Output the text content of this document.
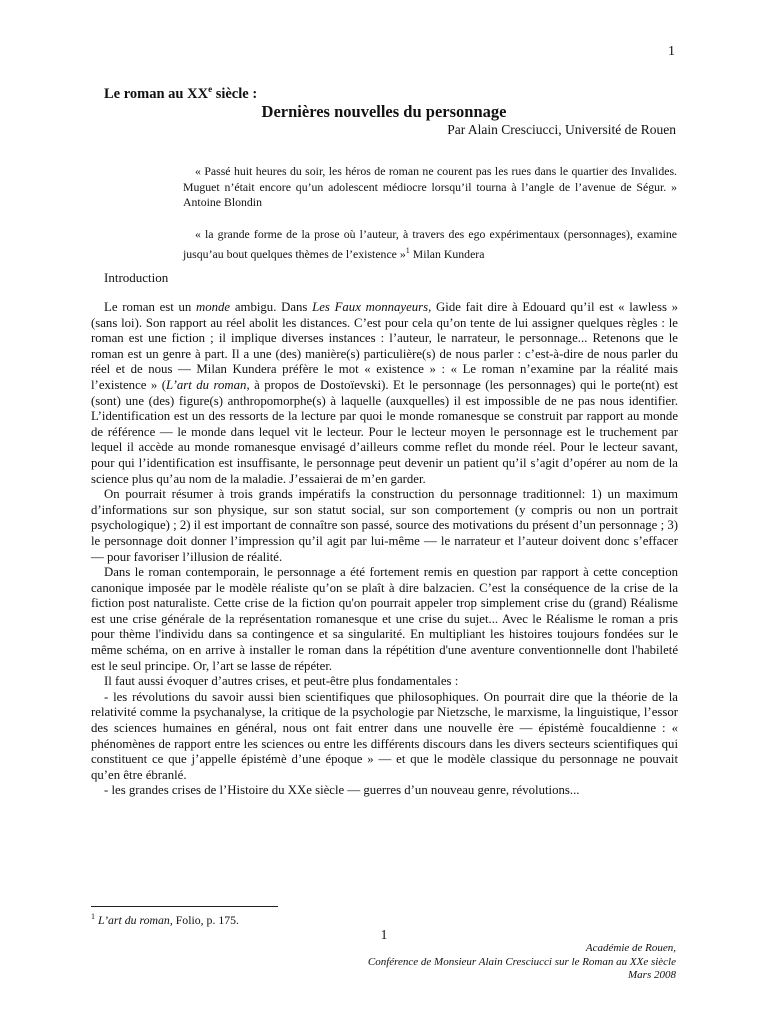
1
Le roman au XXe siècle :
Dernières nouvelles du personnage
Par Alain Cresciucci, Université de Rouen

« Passé huit heures du soir, les héros de roman ne courent pas les rues dans le quartier des Invalides. Muguet n’était encore qu’un adolescent médiocre lorsqu’il tourna à l’angle de l’avenue de Ségur. » Antoine Blondin

« la grande forme de la prose où l’auteur, à travers des ego expérimentaux (personnages), examine jusqu’au bout quelques thèmes de l’existence »$^1$ Milan Kundera

Introduction

Le roman est un monde ambigu. Dans Les Faux monnayeurs, Gide fait dire à Edouard qu’il est « lawless » (sans loi). Son rapport au réel abolit les distances. C’est pour cela qu’on tente de lui assigner quelques règles : le roman est une fiction ; il implique diverses instances : l’auteur, le narrateur, le personnage... Retenons que le roman est un genre à part. Il a une (des) manière(s) particulière(s) de nous parler : c’est-à-dire de nous parler du réel et de nous — Milan Kundera préfère le mot « existence » : « Le roman n’examine par la réalité mais l’existence » (L’art du roman, à propos de Dostoïevski). Et le personnage (les personnages) qui le porte(nt) est (sont) une (des) figure(s) anthropomorphe(s) à laquelle (auxquelles) il est impossible de ne pas nous identifier. L’identification est un des ressorts de la lecture par quoi le monde romanesque se construit par rapport au monde de référence — le monde dans lequel vit le lecteur. Pour le lecteur moyen le personnage est le truchement par lequel il accède au monde romanesque envisagé d’ailleurs comme reflet du monde réel. Pour le lecteur savant, pour qui l’identification est insuffisante, le personnage peut devenir un patient qu’il s’agit d’opérer au nom de la science plus qu’au nom de la maladie. J’essaierai de m’en garder.

On pourrait résumer à trois grands impératifs la construction du personnage traditionnel: 1) un maximum d’informations sur son physique, sur son statut social, sur son comportement (y compris ou non un portrait psychologique) ; 2) il est important de connaître son passé, source des motivations du présent d’un personnage ; 3) le personnage doit donner l’impression qu’il agit par lui-même — le narrateur et l’auteur doivent donc s’effacer — pour favoriser l’illusion de réalité.

Dans le roman contemporain, le personnage a été fortement remis en question par rapport à cette conception canonique imposée par le modèle réaliste qu’on se plaît à dire balzacien. C’est la conséquence de la crise de la fiction post naturaliste. Cette crise de la fiction qu'on pourrait appeler trop simplement crise du (grand) Réalisme est une crise générale de la représentation romanesque et une crise du sujet... Avec le Réalisme le roman a pris pour thème l'individu dans sa contingence et sa singularité. En multipliant les histoires toujours fondées sur le même schéma, on en arrive à installer le roman dans la répétition d'une aventure conventionnelle dont l'habileté est le seul principe. Or, l’art se lasse de répéter.

Il faut aussi évoquer d’autres crises, et peut-être plus fondamentales :

- les révolutions du savoir aussi bien scientifiques que philosophiques. On pourrait dire que la théorie de la relativité comme la psychanalyse, la critique de la psychologie par Nietzsche, le marxisme, la linguistique, l’essor des sciences humaines en général, nous ont fait entrer dans une nouvelle ère — épistémè foucaldienne : « phénomènes de rapport entre les sciences ou entre les différents discours dans les divers secteurs scientifiques qui constituent ce que j’appelle épistémè d’une époque » — et que le modèle classique du personnage ne pouvait qu’en être ébranlé.

- les grandes crises de l’Histoire du XXe siècle — guerres d’un nouveau genre, révolutions...

$^1$ L’art du roman, Folio, p. 175.
1
Académie de Rouen,
Conférence de Monsieur Alain Cresciucci sur le Roman au XXe siècle
Mars 2008
